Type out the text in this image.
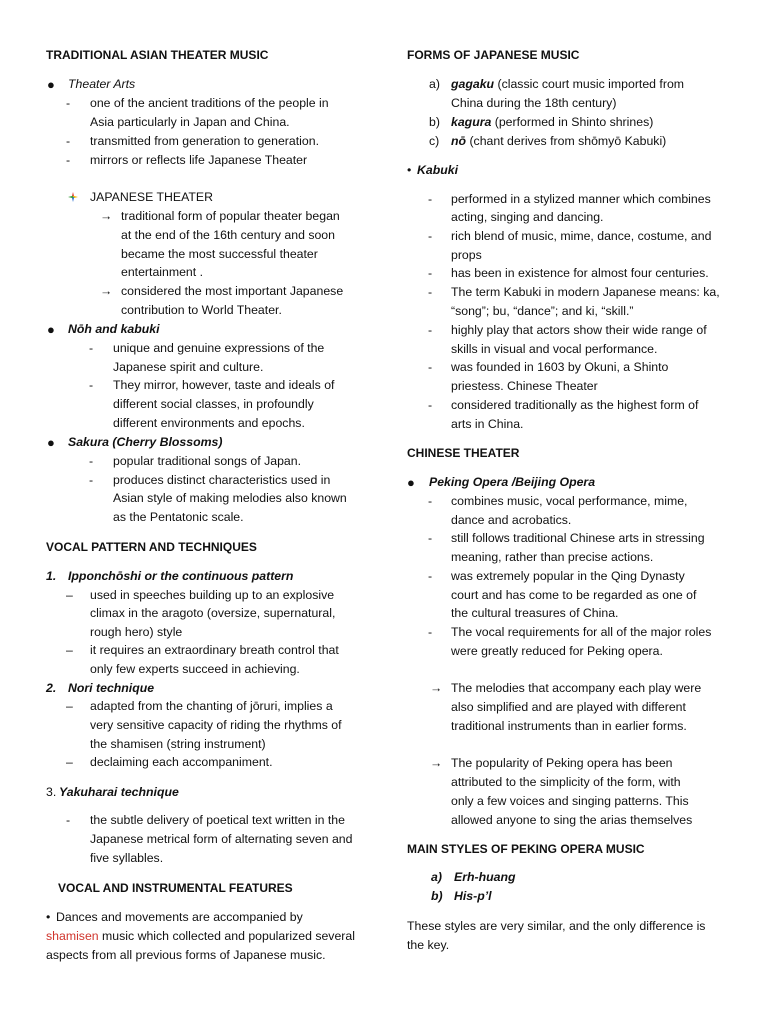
TRADITIONAL ASIAN THEATER MUSIC
● Theater Arts
- one of the ancient traditions of the people in
Asia particularly in Japan and China.
- transmitted from generation to generation.
- mirrors or reflects life Japanese Theater
JAPANESE THEATER
→ traditional form of popular theater began
at the end of the 16th century and soon
became the most successful theater
entertainment .
→ considered the most important Japanese
contribution to World Theater.
● Nōh and kabuki
- unique and genuine expressions of the
Japanese spirit and culture.
- They mirror, however, taste and ideals of
different social classes, in profoundly
different environments and epochs.
● Sakura (Cherry Blossoms)
- popular traditional songs of Japan.
- produces distinct characteristics used in
Asian style of making melodies also known
as the Pentatonic scale.
VOCAL PATTERN AND TECHNIQUES
1. Ipponchōshi or the continuous pattern
– used in speeches building up to an explosive
climax in the aragoto (oversize, supernatural,
rough hero) style
– it requires an extraordinary breath control that
only few experts succeed in achieving.
2. Nori technique
– adapted from the chanting of jōruri, implies a
very sensitive capacity of riding the rhythms of
the shamisen (string instrument)
– declaiming each accompaniment.
3. Yakuharai technique
- the subtle delivery of poetical text written in the
Japanese metrical form of alternating seven and
five syllables.
VOCAL AND INSTRUMENTAL FEATURES
• Dances and movements are accompanied by
shamisen music which collected and popularized several
aspects from all previous forms of Japanese music.
FORMS OF JAPANESE MUSIC
a) gagaku (classic court music imported from
China during the 18th century)
b) kagura (performed in Shinto shrines)
c) nō (chant derives from shōmyō Kabuki)
• Kabuki
- performed in a stylized manner which combines
acting, singing and dancing.
- rich blend of music, mime, dance, costume, and
props
- has been in existence for almost four centuries.
- The term Kabuki in modern Japanese means: ka,
“song”; bu, “dance”; and ki, “skill.”
- highly play that actors show their wide range of
skills in visual and vocal performance.
- was founded in 1603 by Okuni, a Shinto
priestess. Chinese Theater
- considered traditionally as the highest form of
arts in China.
CHINESE THEATER
● Peking Opera /Beijing Opera
- combines music, vocal performance, mime,
dance and acrobatics.
- still follows traditional Chinese arts in stressing
meaning, rather than precise actions.
- was extremely popular in the Qing Dynasty
court and has come to be regarded as one of
the cultural treasures of China.
- The vocal requirements for all of the major roles
were greatly reduced for Peking opera.
→ The melodies that accompany each play were
also simplified and are played with different
traditional instruments than in earlier forms.
→ The popularity of Peking opera has been
attributed to the simplicity of the form, with
only a few voices and singing patterns. This
allowed anyone to sing the arias themselves
MAIN STYLES OF PEKING OPERA MUSIC
a) Erh-huang
b) His-p’l
These styles are very similar, and the only difference is
the key.
